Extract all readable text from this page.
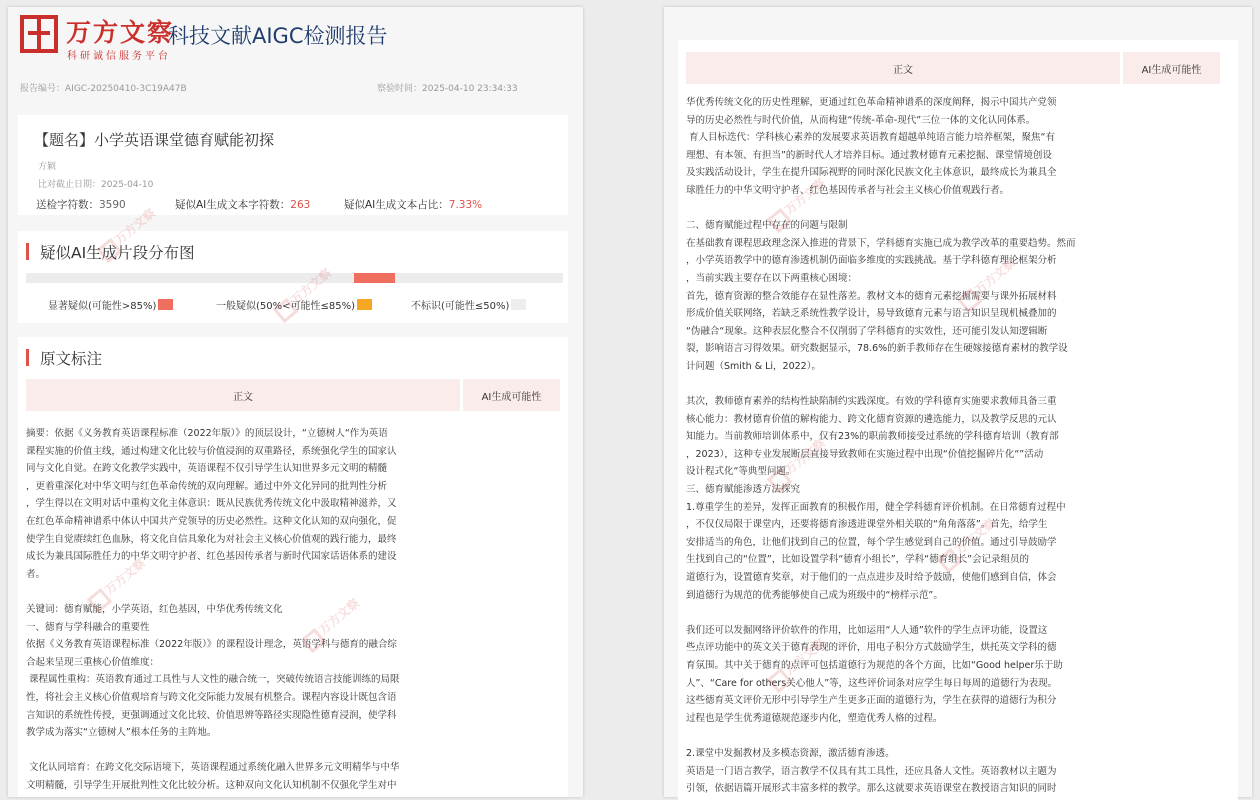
万方文察
科研诚信服务平台
科技文献AIGC检测报告
报告编号：AIGC-20250410-3C19A47B	察验时间：2025-04-10 23:34:33
【题名】小学英语课堂德育赋能初探
方颖
比对截止日期：2025-04-10
送检字符数：3590	疑似AI生成文本字符数：263	疑似AI生成文本占比：7.33%
疑似AI生成片段分布图
显著疑似(可能性>85%)	一般疑似(50%<可能性≤85%)	不标识(可能性≤50%)
原文标注
正文	AI生成可能性
摘要：依据《义务教育英语课程标准（2022年版）》的顶层设计，“立德树人“作为英语
课程实施的价值主线，通过构建文化比较与价值浸润的双重路径，系统强化学生的国家认
同与文化自觉。在跨文化教学实践中，英语课程不仅引导学生认知世界多元文明的精髓
，更着重深化对中华文明与红色革命传统的双向理解。通过中外文化异同的批判性分析
，学生得以在文明对话中重构文化主体意识：既从民族优秀传统文化中汲取精神滋养，又
在红色革命精神谱系中体认中国共产党领导的历史必然性。这种文化认知的双向强化，促
使学生自觉赓续红色血脉，将文化自信具象化为对社会主义核心价值观的践行能力，最终
成长为兼具国际胜任力的中华文明守护者、红色基因传承者与新时代国家话语体系的建设
者。

关键词：德育赋能，小学英语，红色基因，中华优秀传统文化
一、德育与学科融合的重要性
依据《义务教育英语课程标准（2022年版）》的课程设计理念，英语学科与德育的融合综
合起来呈现三重核心价值维度：
课程属性重构：英语教育通过工具性与人文性的融合统一，突破传统语言技能训练的局限
性，将社会主义核心价值观培育与跨文化交际能力发展有机整合。课程内容设计既包含语
言知识的系统性传授，更强调通过文化比较、价值思辨等路径实现隐性德育浸润，使学科
教学成为落实“立德树人”根本任务的主阵地。

文化认同培育：在跨文化交际语境下，英语课程通过系统化融入世界多元文明精华与中华
文明精髓，引导学生开展批判性文化比较分析。这种双向文化认知机制不仅强化学生对中
万方文察
正文	AI生成可能性
华优秀传统文化的历史性理解，更通过红色革命精神谱系的深度阐释，揭示中国共产党领
导的历史必然性与时代价值，从而构建“传统-革命-现代”三位一体的文化认同体系。
育人目标迭代：学科核心素养的发展要求英语教育超越单纯语言能力培养框架，聚焦“有
理想、有本领、有担当”的新时代人才培养目标。通过教材德育元素挖掘、课堂情境创设
及实践活动设计，学生在提升国际视野的同时深化民族文化主体意识，最终成长为兼具全
球胜任力的中华文明守护者、红色基因传承者与社会主义核心价值观践行者。

二、德育赋能过程中存在的问题与限制
在基础教育课程思政理念深入推进的背景下，学科德育实施已成为教学改革的重要趋势。然而
，小学英语教学中的德育渗透机制仍面临多维度的实践挑战。基于学科德育理论框架分析
，当前实践主要存在以下两重核心困境：
首先，德育资源的整合效能存在显性落差。教材文本的德育元素挖掘需要与课外拓展材料
形成价值关联网络，若缺乏系统性教学设计，易导致德育元素与语言知识呈现机械叠加的
“伪融合“现象。这种表层化整合不仅削弱了学科德育的实效性，还可能引发认知逻辑断
裂，影响语言习得效果。研究数据显示，78.6%的新手教师存在生硬嫁接德育素材的教学设
计问题（Smith & Li，2022）。

其次，教师德育素养的结构性缺陷制约实践深度。有效的学科德育实施要求教师具备三重
核心能力：教材德育价值的解构能力、跨文化德育资源的遴选能力，以及教学反思的元认
知能力。当前教师培训体系中，仅有23%的职前教师接受过系统的学科德育培训（教育部
，2023），这种专业发展断层直接导致教师在实施过程中出现“价值挖掘碎片化“”活动
设计程式化“等典型问题。
三、德育赋能渗透方法探究
1.尊重学生的差异，发挥正面教育的积极作用，健全学科德育评价机制。在日常德育过程中
，不仅仅局限于课堂内，还要将德育渗透进课堂外相关联的“角角落落”。首先，给学生
安排适当的角色，让他们找到自己的位置，每个学生感觉到自己的价值。通过引导鼓励学
生找到自己的“位置”，比如设置学科“德育小组长”，学科“德育组长”会记录组员的
道德行为，设置德育奖章，对于他们的一点点进步及时给予鼓励，使他们感到自信，体会
到道德行为规范的优秀能够使自己成为班级中的“榜样示范”。

我们还可以发掘网络评价软件的作用，比如运用“人人通”软件的学生点评功能，设置这
些点评功能中的英文关于德育表现的评价，用电子积分方式鼓励学生，烘托英文学科的德
育氛围。其中关于德育的点评可包括道德行为规范的各个方面，比如“Good helper乐于助
人”、“Care for others关心他人”等，这些评价词条对应学生每日每周的道德行为表现。
这些德育英文评价无形中引导学生产生更多正面的道德行为，学生在获得的道德行为积分
过程也是学生优秀道德规范逐步内化，塑造优秀人格的过程。

2.课堂中发掘教材及多模态资源，激活德育渗透。
英语是一门语言教学，语言教学不仅具有其工具性，还应具备人文性。英语教材以主题为
引领，依据语篇开展形式丰富多样的教学。那么这就要求英语课堂在教授语言知识的同时
